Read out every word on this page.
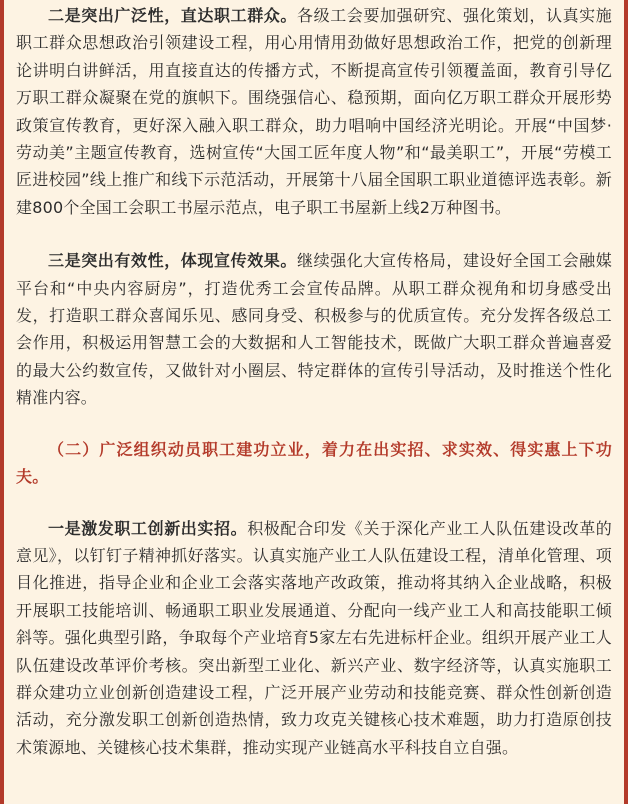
二是突出广泛性，直达职工群众。各级工会要加强研究、强化策划，认真实施职工群众思想政治引领建设工程，用心用情用劲做好思想政治工作，把党的创新理论讲明白讲鲜活，用直接直达的传播方式，不断提高宣传引领覆盖面，教育引导亿万职工群众凝聚在党的旗帜下。围绕强信心、稳预期，面向亿万职工群众开展形势政策宣传教育，更好深入融入职工群众，助力唱响中国经济光明论。开展“中国梦·劳动美”主题宣传教育，选树宣传“大国工匠年度人物”和“最美职工”，开展“劳模工匠进校园”线上推广和线下示范活动，开展第十八届全国职工职业道德评选表彰。新建800个全国工会职工书屋示范点，电子职工书屋新上线2万种图书。

三是突出有效性，体现宣传效果。继续强化大宣传格局，建设好全国工会融媒平台和“中央内容厨房”，打造优秀工会宣传品牌。从职工群众视角和切身感受出发，打造职工群众喜闻乐见、感同身受、积极参与的优质宣传。充分发挥各级总工会作用，积极运用智慧工会的大数据和人工智能技术，既做广大职工群众普遍喜爱的最大公约数宣传，又做针对小圈层、特定群体的宣传引导活动，及时推送个性化精准内容。

（二）广泛组织动员职工建功立业，着力在出实招、求实效、得实惠上下功夫。

一是激发职工创新出实招。积极配合印发《关于深化产业工人队伍建设改革的意见》，以钉钉子精神抓好落实。认真实施产业工人队伍建设工程，清单化管理、项目化推进，指导企业和企业工会落实落地产改政策，推动将其纳入企业战略，积极开展职工技能培训、畅通职工职业发展通道、分配向一线产业工人和高技能职工倾斜等。强化典型引路，争取每个产业培育5家左右先进标杆企业。组织开展产业工人队伍建设改革评价考核。突出新型工业化、新兴产业、数字经济等，认真实施职工群众建功立业创新创造建设工程，广泛开展产业劳动和技能竞赛、群众性创新创造活动，充分激发职工创新创造热情，致力攻克关键核心技术难题，助力打造原创技术策源地、关键核心技术集群，推动实现产业链高水平科技自立自强。
